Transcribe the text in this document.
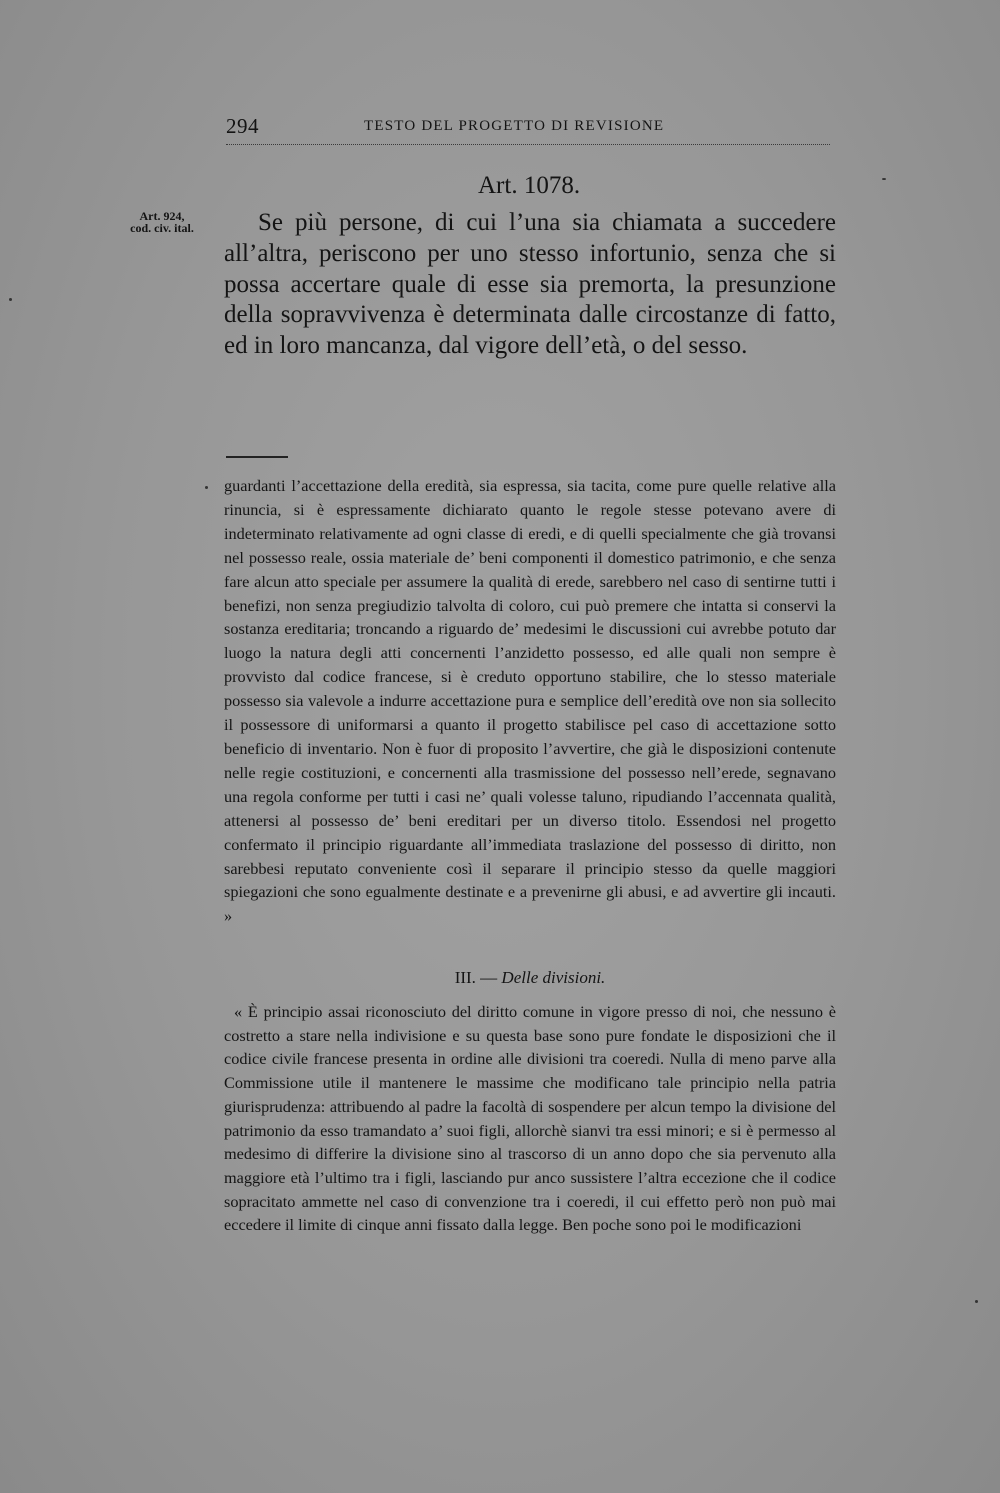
294	TESTO DEL PROGETTO DI REVISIONE
Art. 1078.
Art. 924,
cod. civ. ital.	Se più persone, di cui l’una sia chiamata a succedere all’altra, periscono per uno stesso infortunio, senza che si possa accertare quale di esse sia premorta, la presunzione della sopravvivenza è determinata dalle circostanze di fatto, ed in loro mancanza, dal vigore dell’età, o del sesso.

guardanti l’accettazione della eredità, sia espressa, sia tacita, come pure quelle relative alla rinuncia, si è espressamente dichiarato quanto le regole stesse potevano avere di indeterminato relativamente ad ogni classe di eredi, e di quelli specialmente che già trovansi nel possesso reale, ossia materiale de’ beni componenti il domestico patrimonio, e che senza fare alcun atto speciale per assumere la qualità di erede, sarebbero nel caso di sentirne tutti i benefizi, non senza pregiudizio talvolta di coloro, cui può premere che intatta si conservi la sostanza ereditaria; troncando a riguardo de’ medesimi le discussioni cui avrebbe potuto dar luogo la natura degli atti concernenti l’anzidetto possesso, ed alle quali non sempre è provvisto dal codice francese, si è creduto opportuno stabilire, che lo stesso materiale possesso sia valevole a indurre accettazione pura e semplice dell’eredità ove non sia sollecito il possessore di uniformarsi a quanto il progetto stabilisce pel caso di accettazione sotto beneficio di inventario. Non è fuor di proposito l’avvertire, che già le disposizioni contenute nelle regie costituzioni, e concernenti alla trasmissione del possesso nell’erede, segnavano una regola conforme per tutti i casi ne’ quali volesse taluno, ripudiando l’accennata qualità, attenersi al possesso de’ beni ereditari per un diverso titolo. Essendosi nel progetto confermato il principio riguardante all’immediata traslazione del possesso di diritto, non sarebbesi reputato conveniente così il separare il principio stesso da quelle maggiori spiegazioni che sono egualmente destinate e a prevenirne gli abusi, e ad avvertire gli incauti. »

III. — Delle divisioni.

« È principio assai riconosciuto del diritto comune in vigore presso di noi, che nessuno è costretto a stare nella indivisione e su questa base sono pure fondate le disposizioni che il codice civile francese presenta in ordine alle divisioni tra coeredi. Nulla di meno parve alla Commissione utile il mantenere le massime che modificano tale principio nella patria giurisprudenza: attribuendo al padre la facoltà di sospendere per alcun tempo la divisione del patrimonio da esso tramandato a’ suoi figli, allorchè sianvi tra essi minori; e si è permesso al medesimo di differire la divisione sino al trascorso di un anno dopo che sia pervenuto alla maggiore età l’ultimo tra i figli, lasciando pur anco sussistere l’altra eccezione che il codice sopracitato ammette nel caso di convenzione tra i coeredi, il cui effetto però non può mai eccedere il limite di cinque anni fissato dalla legge. Ben poche sono poi le modificazioni
